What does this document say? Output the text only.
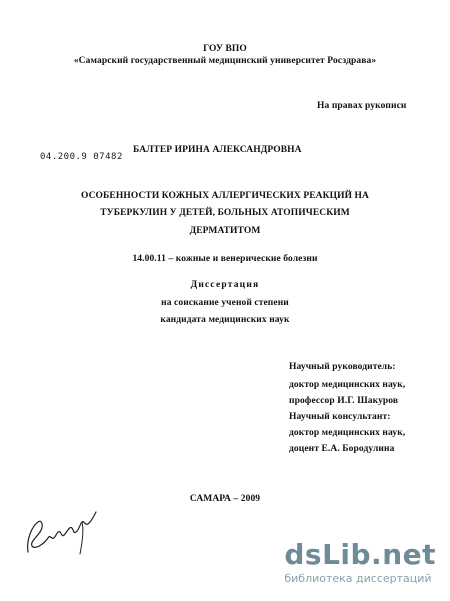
ГОУ ВПО
«Самарский государственный медицинский университет Росздрава»
На правах рукописи
04.200.9 07482
БАЛТЕР ИРИНА АЛЕКСАНДРОВНА
ОСОБЕННОСТИ КОЖНЫХ АЛЛЕРГИЧЕСКИХ РЕАКЦИЙ НА
ТУБЕРКУЛИН У ДЕТЕЙ, БОЛЬНЫХ АТОПИЧЕСКИМ
ДЕРМАТИТОМ
14.00.11 – кожные и венерические болезни
Диссертация
на соискание ученой степени
кандидата медицинских наук
Научный руководитель:
доктор медицинских наук,
профессор И.Г. Шакуров
Научный консультант:
доктор медицинских наук,
доцент Е.А. Бородулина
САМАРА – 2009
dsLib.net
библиотека диссертаций
